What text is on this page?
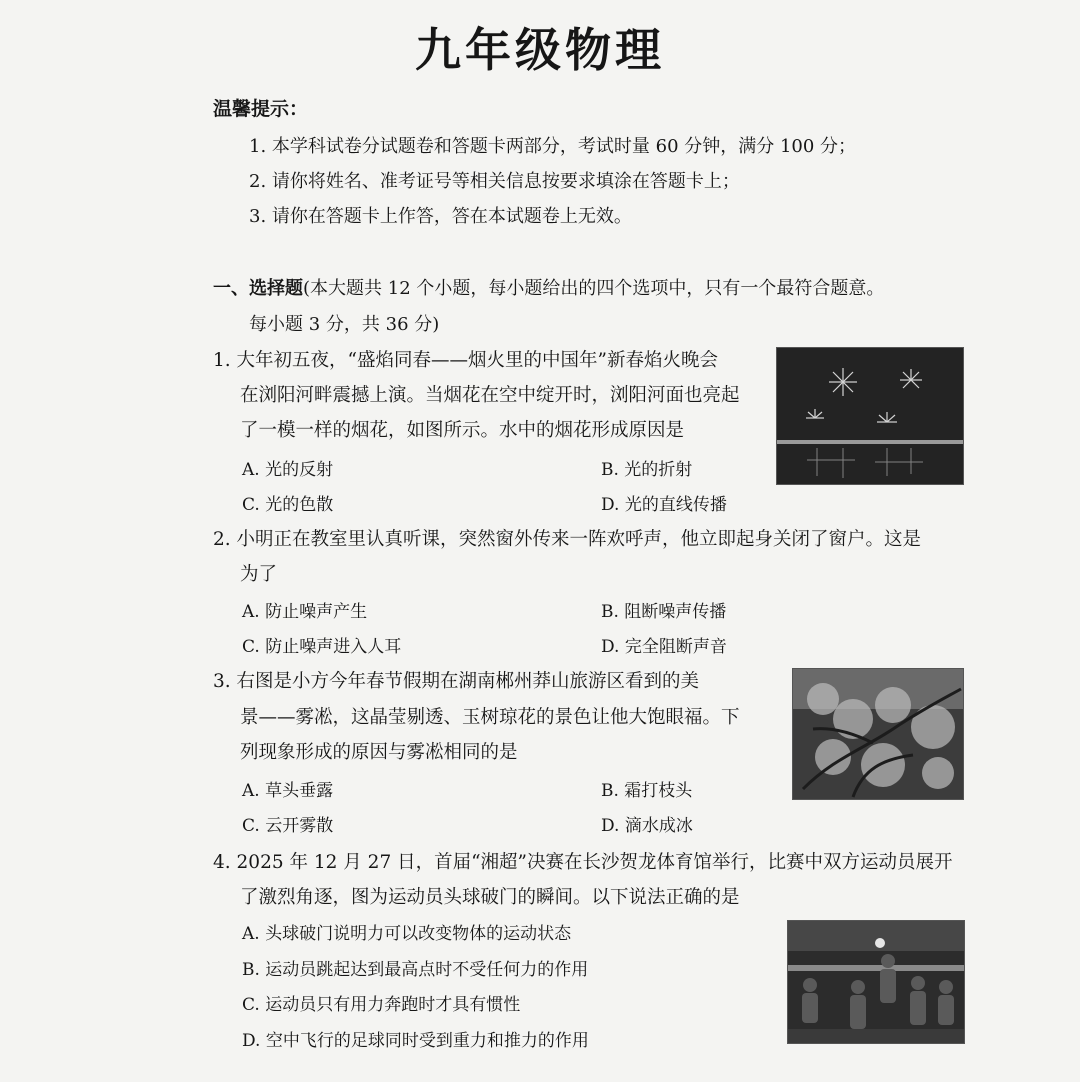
九年级物理
温馨提示：
1. 本学科试卷分试题卷和答题卡两部分，考试时量 60 分钟，满分 100 分；
2. 请你将姓名、准考证号等相关信息按要求填涂在答题卡上；
3. 请你在答题卡上作答，答在本试题卷上无效。
一、选择题(本大题共 12 个小题，每小题给出的四个选项中，只有一个最符合题意。
每小题 3 分，共 36 分)
1. 大年初五夜，“盛焰同春——烟火里的中国年”新春焰火晚会
在浏阳河畔震撼上演。当烟花在空中绽开时，浏阳河面也亮起
了一模一样的烟花，如图所示。水中的烟花形成原因是
A. 光的反射	B. 光的折射
C. 光的色散	D. 光的直线传播
2. 小明正在教室里认真听课，突然窗外传来一阵欢呼声，他立即起身关闭了窗户。这是
为了
A. 防止噪声产生	B. 阻断噪声传播
C. 防止噪声进入人耳	D. 完全阻断声音
3. 右图是小方今年春节假期在湖南郴州莽山旅游区看到的美
景——雾凇，这晶莹剔透、玉树琼花的景色让他大饱眼福。下
列现象形成的原因与雾凇相同的是
A. 草头垂露	B. 霜打枝头
C. 云开雾散	D. 滴水成冰
4. 2025 年 12 月 27 日，首届“湘超”决赛在长沙贺龙体育馆举行，比赛中双方运动员展开
了激烈角逐，图为运动员头球破门的瞬间。以下说法正确的是
A. 头球破门说明力可以改变物体的运动状态
B. 运动员跳起达到最高点时不受任何力的作用
C. 运动员只有用力奔跑时才具有惯性
D. 空中飞行的足球同时受到重力和推力的作用
